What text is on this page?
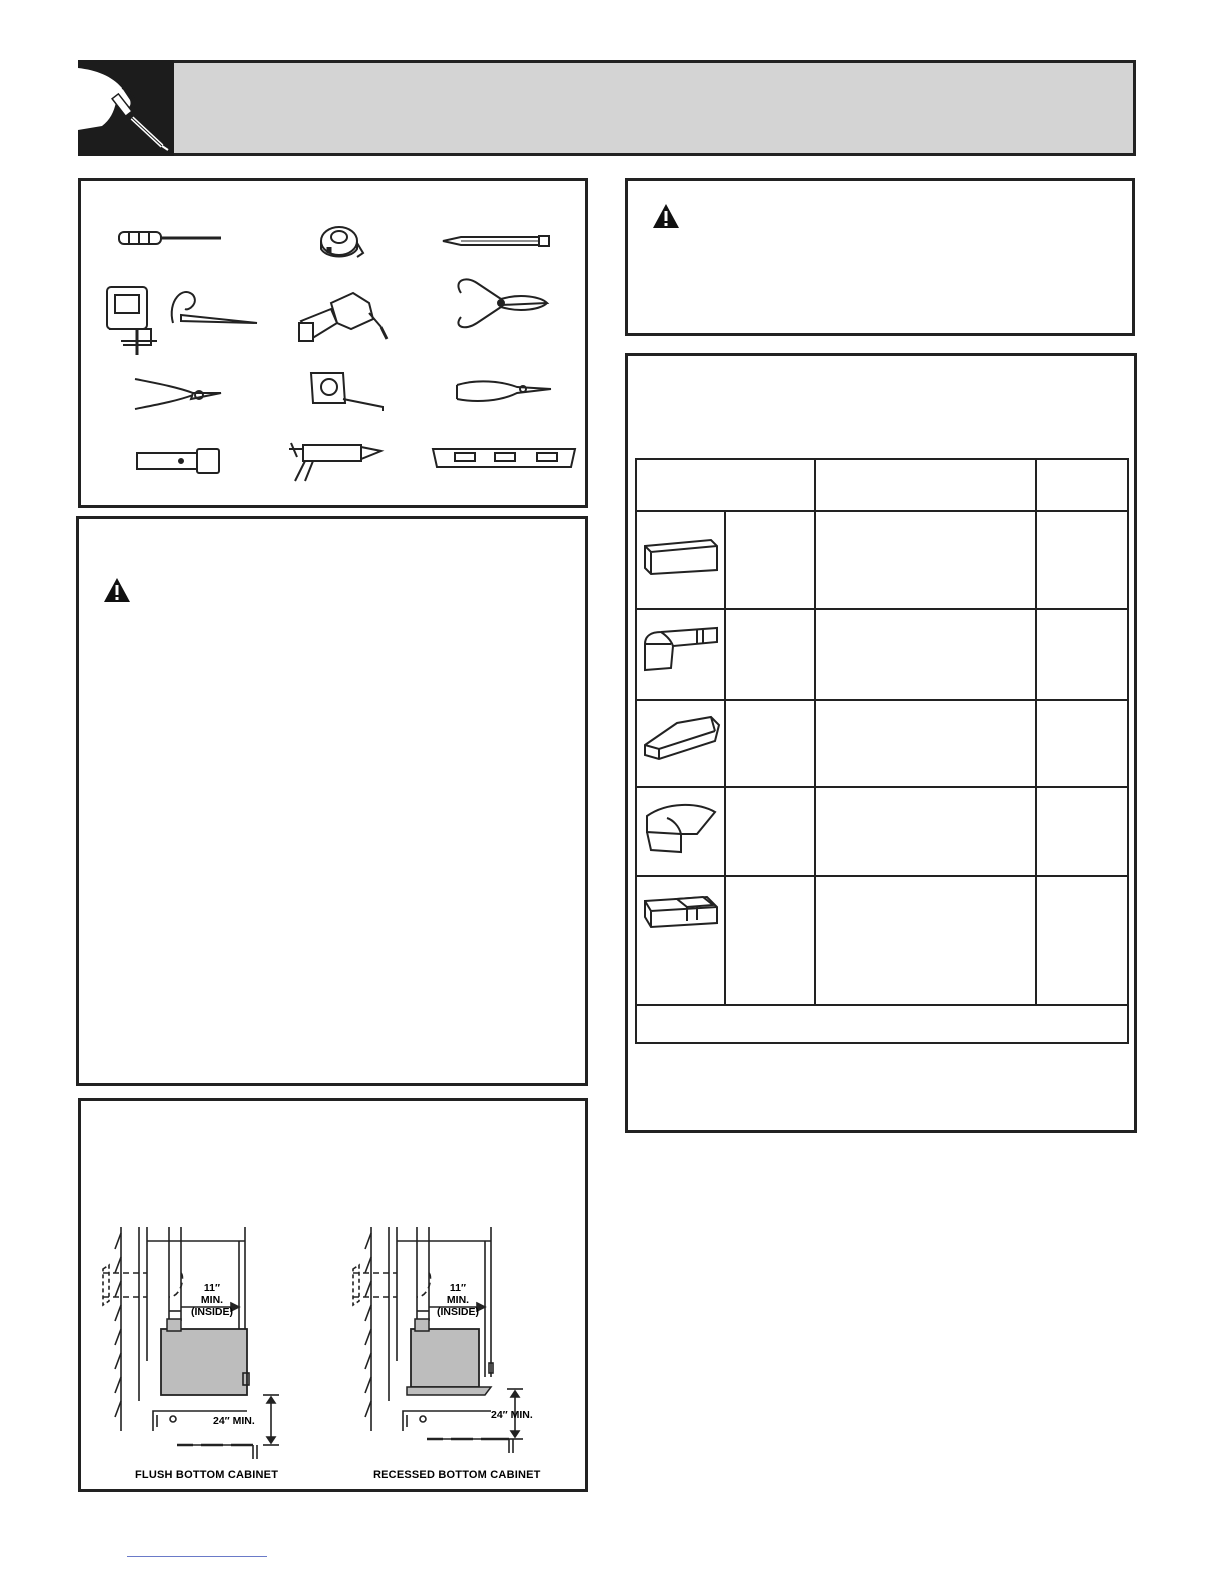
11″
MIN.
(INSIDE)
24″ MIN.
FLUSH BOTTOM CABINET
11″
MIN.
(INSIDE)
24″ MIN.
RECESSED BOTTOM CABINET
